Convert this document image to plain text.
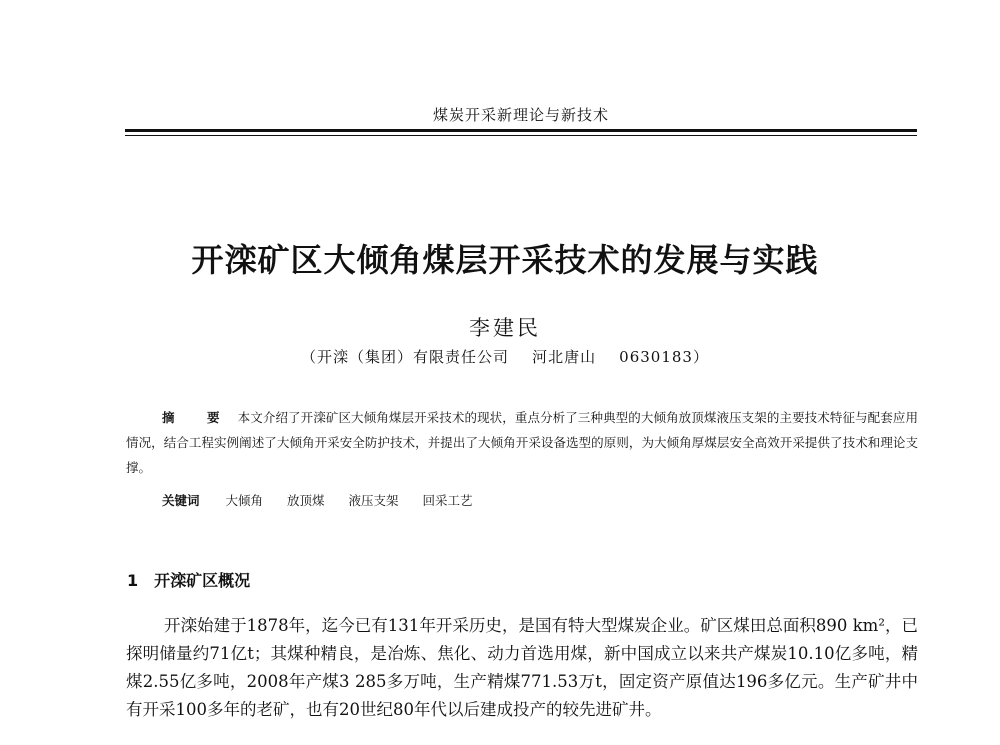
煤炭开采新理论与新技术
开滦矿区大倾角煤层开采技术的发展与实践
李建民
（开滦（集团）有限责任公司    河北唐山    0630183）
摘 要 本文介绍了开滦矿区大倾角煤层开采技术的现状，重点分析了三种典型的大倾角放顶煤液压支架的主要技术特征与配套应用情况，结合工程实例阐述了大倾角开采安全防护技术，并提出了大倾角开采设备选型的原则，为大倾角厚煤层安全高效开采提供了技术和理论支撑。
关键词 大倾角 放顶煤 液压支架 回采工艺
1 开滦矿区概况
开滦始建于1878年，迄今已有131年开采历史，是国有特大型煤炭企业。矿区煤田总面积890 km²，已探明储量约71亿t；其煤种精良，是冶炼、焦化、动力首选用煤，新中国成立以来共产煤炭10.10亿多吨，精煤2.55亿多吨，2008年产煤3 285多万吨，生产精煤771.53万t，固定资产原值达196多亿元。生产矿井中有开采100多年的老矿，也有20世纪80年代以后建成投产的较先进矿井。
